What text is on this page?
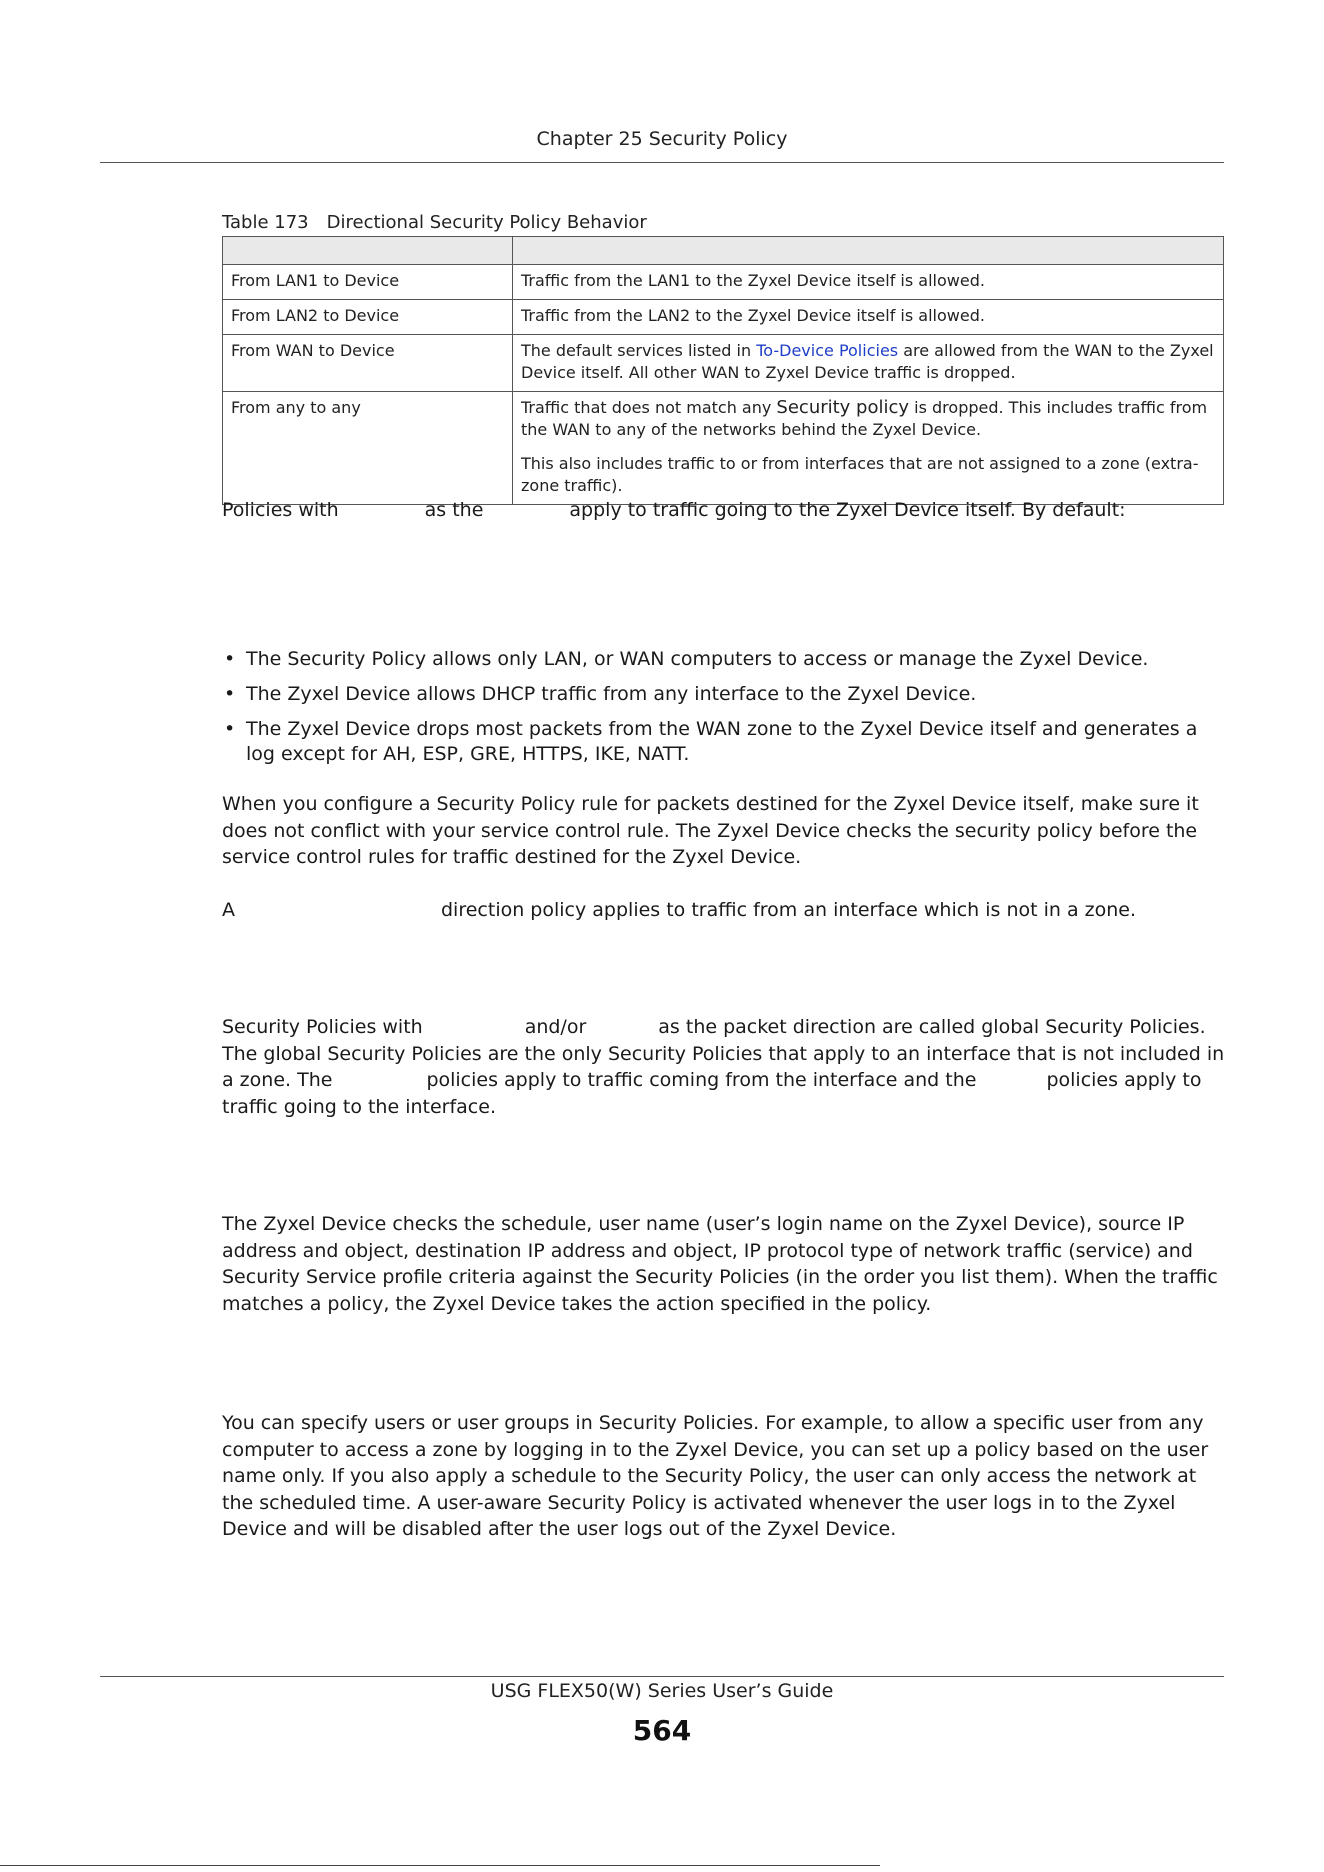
Chapter 25 Security Policy
Table 173 Directional Security Policy Behavior

From LAN1 to Device	Traffic from the LAN1 to the Zyxel Device itself is allowed.
From LAN2 to Device	Traffic from the LAN2 to the Zyxel Device itself is allowed.
From WAN to Device	The default services listed in To-Device Policies are allowed from the WAN to the Zyxel Device itself. All other WAN to Zyxel Device traffic is dropped.
From any to any	Traffic that does not match any Security policy is dropped. This includes traffic from the WAN to any of the networks behind the Zyxel Device.

This also includes traffic to or from interfaces that are not assigned to a zone (extra-zone traffic).

Policies with	as the	apply to traffic going to the Zyxel Device itself. By default:
• The Security Policy allows only LAN, or WAN computers to access or manage the Zyxel Device.
• The Zyxel Device allows DHCP traffic from any interface to the Zyxel Device.
• The Zyxel Device drops most packets from the WAN zone to the Zyxel Device itself and generates a log except for AH, ESP, GRE, HTTPS, IKE, NATT.
When you configure a Security Policy rule for packets destined for the Zyxel Device itself, make sure it does not conflict with your service control rule. The Zyxel Device checks the security policy before the service control rules for traffic destined for the Zyxel Device.
A	direction policy applies to traffic from an interface which is not in a zone.
Security Policies with	and/or	as the packet direction are called global Security Policies. The global Security Policies are the only Security Policies that apply to an interface that is not included in a zone. The	policies apply to traffic coming from the interface and the	policies apply to traffic going to the interface.
The Zyxel Device checks the schedule, user name (user’s login name on the Zyxel Device), source IP address and object, destination IP address and object, IP protocol type of network traffic (service) and Security Service profile criteria against the Security Policies (in the order you list them). When the traffic matches a policy, the Zyxel Device takes the action specified in the policy.
You can specify users or user groups in Security Policies. For example, to allow a specific user from any computer to access a zone by logging in to the Zyxel Device, you can set up a policy based on the user name only. If you also apply a schedule to the Security Policy, the user can only access the network at the scheduled time. A user-aware Security Policy is activated whenever the user logs in to the Zyxel Device and will be disabled after the user logs out of the Zyxel Device.
USG FLEX50(W) Series User’s Guide
564
